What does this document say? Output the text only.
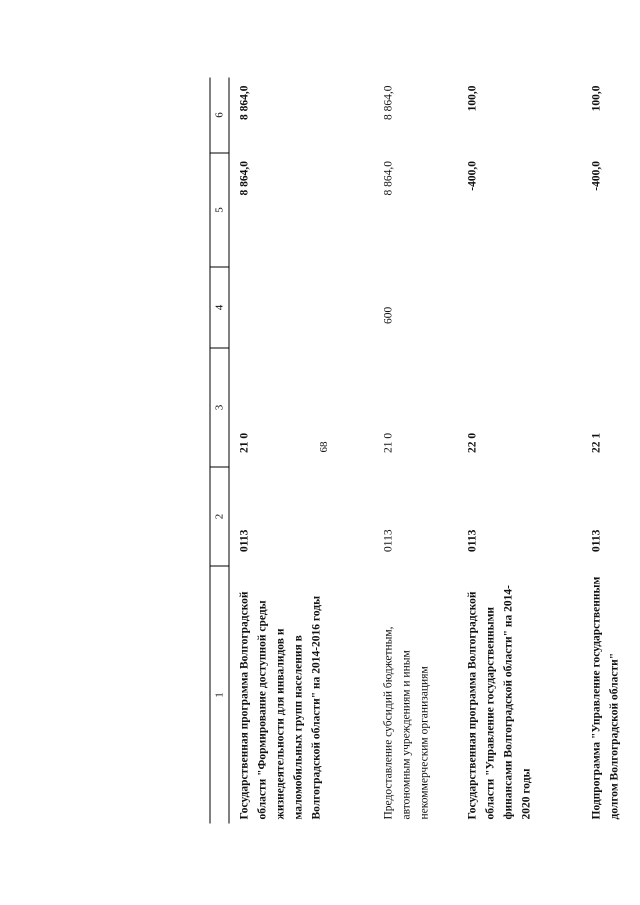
68
1	2	3	4	5	6
Государственная программа Волгоградской области "Формирование доступной среды жизнедеятельности для инвалидов и маломобильных групп населения в Волгоградской области" на 2014-2016 годы	0113	21 0		8 864,0	8 864,0
Предоставление субсидий бюджетным, автономным учреждениям и иным некоммерческим организациям	0113	21 0	600	8 864,0	8 864,0
Государственная программа Волгоградской области "Управление государственными финансами Волгоградской области" на 2014-2020 годы	0113	22 0		-400,0	100,0
Подпрограмма "Управление государственным долгом Волгоградской области"	0113	22 1		-400,0	100,0
